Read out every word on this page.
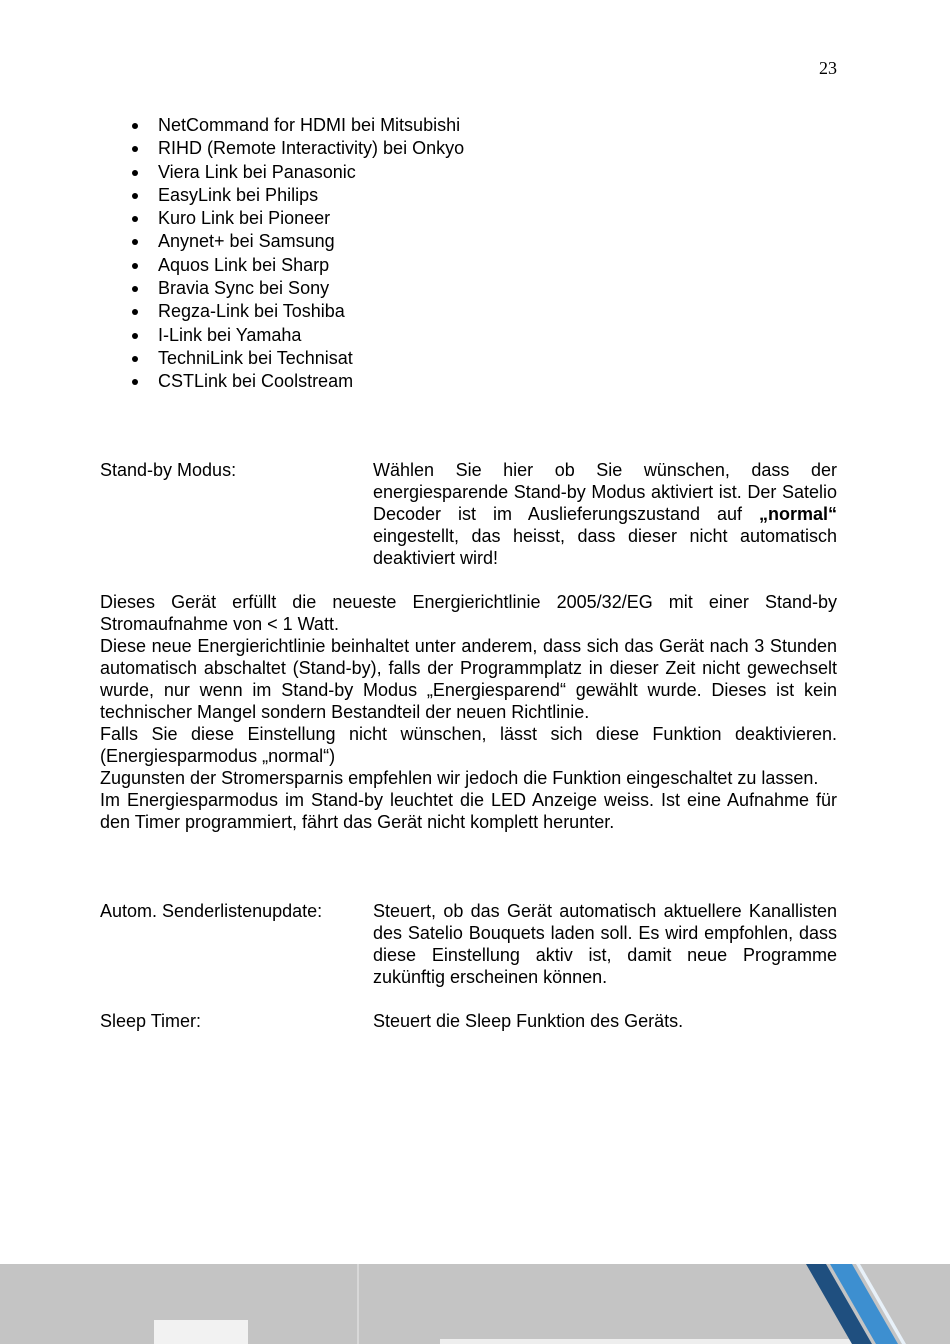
23
NetCommand for HDMI bei Mitsubishi
RIHD (Remote Interactivity) bei Onkyo
Viera Link bei Panasonic
EasyLink bei Philips
Kuro Link bei Pioneer
Anynet+ bei Samsung
Aquos Link bei Sharp
Bravia Sync bei Sony
Regza-Link bei Toshiba
I-Link bei Yamaha
TechniLink bei Technisat
CSTLink bei Coolstream
Stand-by Modus:	Wählen Sie hier ob Sie wünschen, dass der energiesparende Stand-by Modus aktiviert ist. Der Satelio Decoder ist im Auslieferungszustand auf „normal“ eingestellt, das heisst, dass dieser nicht automatisch deaktiviert wird!

Dieses Gerät erfüllt die neueste Energierichtlinie 2005/32/EG mit einer Stand-by Stromaufnahme von < 1 Watt.

Diese neue Energierichtlinie beinhaltet unter anderem, dass sich das Gerät nach 3 Stunden automatisch abschaltet (Stand-by), falls der Programmplatz in dieser Zeit nicht gewechselt wurde, nur wenn im Stand-by Modus „Energiesparend“ gewählt wurde. Dieses ist kein technischer Mangel sondern Bestandteil der neuen Richtlinie.

Falls Sie diese Einstellung nicht wünschen, lässt sich diese Funktion deaktivieren. (Energiesparmodus „normal“)

Zugunsten der Stromersparnis empfehlen wir jedoch die Funktion eingeschaltet zu lassen.

Im Energiesparmodus im Stand-by leuchtet die LED Anzeige weiss. Ist eine Aufnahme für den Timer programmiert, fährt das Gerät nicht komplett herunter.

Autom. Senderlistenupdate:	Steuert, ob das Gerät automatisch aktuellere Kanallisten des Satelio Bouquets laden soll. Es wird empfohlen, dass diese Einstellung aktiv ist, damit neue Programme zukünftig erscheinen können.
Sleep Timer:	Steuert die Sleep Funktion des Geräts.
